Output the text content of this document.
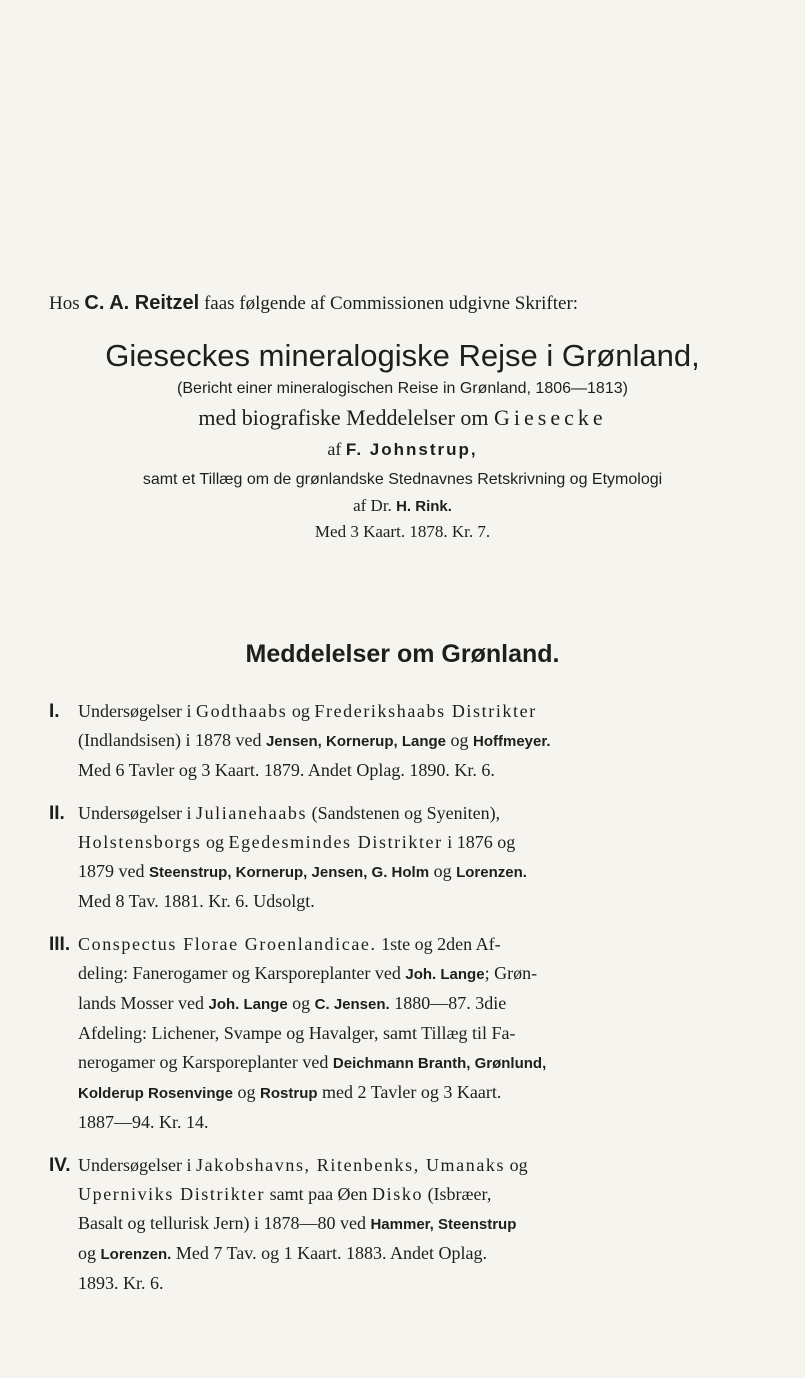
Hos C. A. Reitzel faas følgende af Commissionen udgivne Skrifter:
Gieseckes mineralogiske Rejse i Grønland,
(Bericht einer mineralogischen Reise in Grønland, 1806—1813)
med biografiske Meddelelser om Giesecke
af F. Johnstrup,
samt et Tillæg om de grønlandske Stednavnes Retskrivning og Etymologi
af Dr. H. Rink.
Med 3 Kaart. 1878. Kr. 7.
Meddelelser om Grønland.
I.	Undersøgelser i Godthaabs og Frederikshaabs Distrikter
(Indlandsisen) i 1878 ved Jensen, Kornerup, Lange og Hoffmeyer.
Med 6 Tavler og 3 Kaart. 1879. Andet Oplag. 1890. Kr. 6.
II. Undersøgelser i Julianehaabs (Sandstenen og Syeniten),
Holstensborgs og Egedesmindes Distrikter i 1876 og
1879 ved Steenstrup, Kornerup, Jensen, G. Holm og Lorenzen.
Med 8 Tav. 1881. Kr. 6. Udsolgt.
III. Conspectus Florae Groenlandicae. 1ste og 2den Af-
deling: Fanerogamer og Karsporeplanter ved Joh. Lange; Grøn-
lands Mosser ved Joh. Lange og C. Jensen. 1880—87. 3die
Afdeling: Lichener, Svampe og Havalger, samt Tillæg til Fa-
nerogamer og Karsporeplanter ved Deichmann Branth, Grønlund,
Kolderup Rosenvinge og Rostrup med 2 Tavler og 3 Kaart.
1887—94. Kr. 14.
IV. Undersøgelser i Jakobshavns, Ritenbenks, Umanaks og
Uperniviks Distrikter samt paa Øen Disko (Isbræer,
Basalt og tellurisk Jern) i 1878—80 ved Hammer, Steenstrup
og Lorenzen. Med 7 Tav. og 1 Kaart. 1883. Andet Oplag.
1893. Kr. 6.
